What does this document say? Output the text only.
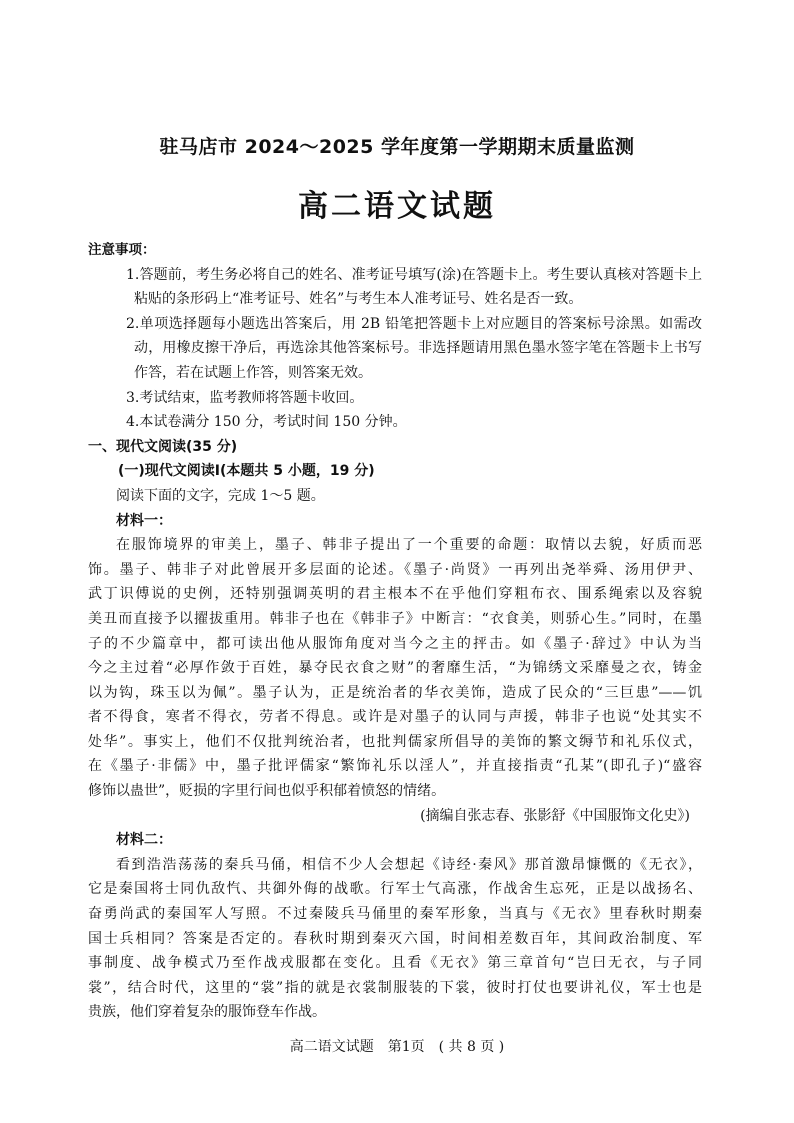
驻马店市 2024～2025 学年度第一学期期末质量监测
高二语文试题
注意事项：
1.答题前，考生务必将自己的姓名、准考证号填写(涂)在答题卡上。考生要认真核对答题卡上
粘贴的条形码上“准考证号、姓名”与考生本人准考证号、姓名是否一致。
2.单项选择题每小题选出答案后，用 2B 铅笔把答题卡上对应题目的答案标号涂黑。如需改
动，用橡皮擦干净后，再选涂其他答案标号。非选择题请用黑色墨水签字笔在答题卡上书写
作答，若在试题上作答，则答案无效。
3.考试结束，监考教师将答题卡收回。
4.本试卷满分 150 分，考试时间 150 分钟。
一、现代文阅读(35 分)
(一)现代文阅读Ⅰ(本题共 5 小题，19 分)
阅读下面的文字，完成 1～5 题。
材料一：
在服饰境界的审美上，墨子、韩非子提出了一个重要的命题：取情以去貌，好质而恶
饰。墨子、韩非子对此曾展开多层面的论述。《墨子·尚贤》一再列出尧举舜、汤用伊尹、
武丁识傅说的史例，还特别强调英明的君主根本不在乎他们穿粗布衣、围系绳索以及容貌
美丑而直接予以擢拔重用。韩非子也在《韩非子》中断言：“衣食美，则骄心生。”同时，在墨
子的不少篇章中，都可读出他从服饰角度对当今之主的抨击。如《墨子·辞过》中认为当
今之主过着“必厚作敛于百姓，暴夺民衣食之财”的奢靡生活，“为锦绣文采靡曼之衣，铸金
以为钩，珠玉以为佩”。墨子认为，正是统治者的华衣美饰，造成了民众的“三巨患”——饥
者不得食，寒者不得衣，劳者不得息。或许是对墨子的认同与声援，韩非子也说“处其实不
处华”。事实上，他们不仅批判统治者，也批判儒家所倡导的美饰的繁文缛节和礼乐仪式，
在《墨子·非儒》中，墨子批评儒家“繁饰礼乐以淫人”，并直接指责“孔某”(即孔子)“盛容
修饰以蛊世”，贬损的字里行间也似乎积郁着愤怒的情绪。
(摘编自张志春、张影舒《中国服饰文化史》)
材料二：
看到浩浩荡荡的秦兵马俑，相信不少人会想起《诗经·秦风》那首激昂慷慨的《无衣》，
它是秦国将士同仇敌忾、共御外侮的战歌。行军士气高涨，作战舍生忘死，正是以战扬名、
奋勇尚武的秦国军人写照。不过秦陵兵马俑里的秦军形象，当真与《无衣》里春秋时期秦
国士兵相同？答案是否定的。春秋时期到秦灭六国，时间相差数百年，其间政治制度、军
事制度、战争模式乃至作战戎服都在变化。且看《无衣》第三章首句“岂曰无衣，与子同
裳”，结合时代，这里的“裳”指的就是衣裳制服装的下裳，彼时打仗也要讲礼仪，军士也是
贵族，他们穿着复杂的服饰登车作战。
高二语文试题　第1页　( 共 8 页 )
